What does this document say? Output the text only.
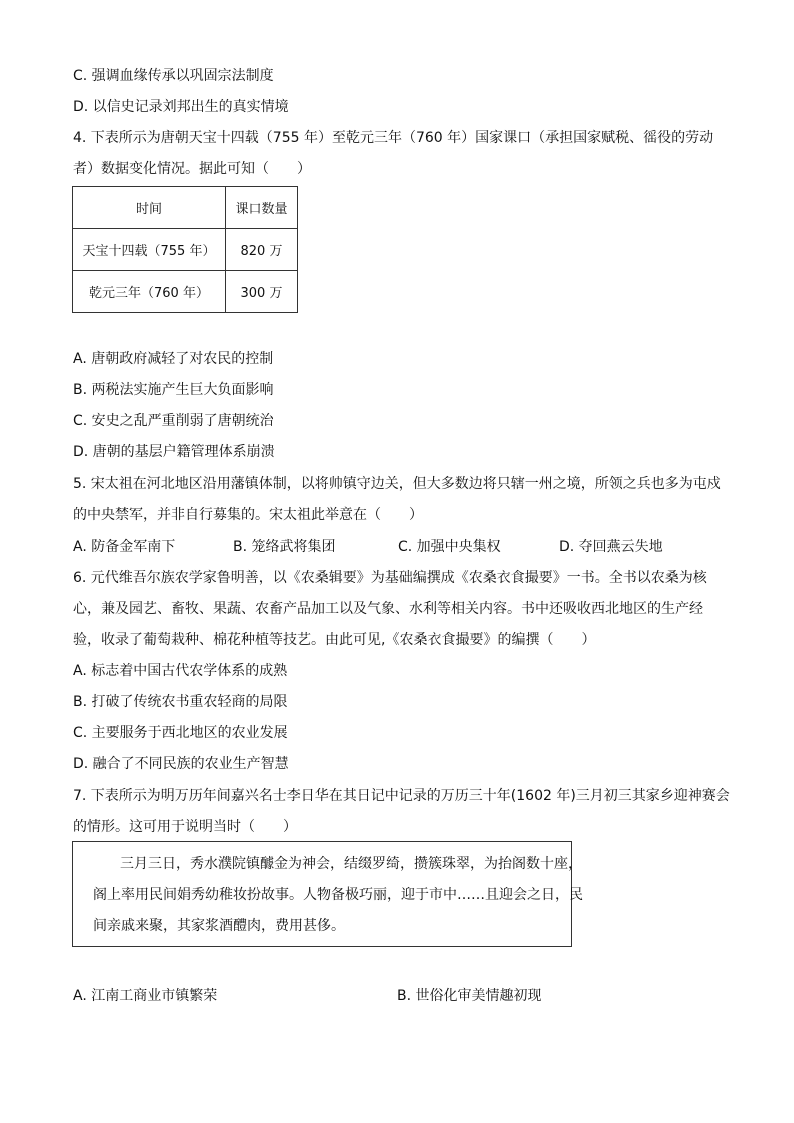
C. 强调血缘传承以巩固宗法制度
D. 以信史记录刘邦出生的真实情境
4. 下表所示为唐朝天宝十四载（755 年）至乾元三年（760 年）国家课口（承担国家赋税、徭役的劳动
者）数据变化情况。据此可知（　　）
时间	课口数量
天宝十四载（755 年）	820 万
乾元三年（760 年）	300 万
A. 唐朝政府减轻了对农民的控制
B. 两税法实施产生巨大负面影响
C. 安史之乱严重削弱了唐朝统治
D. 唐朝的基层户籍管理体系崩溃
5. 宋太祖在河北地区沿用藩镇体制，以将帅镇守边关，但大多数边将只辖一州之境，所领之兵也多为屯戍
的中央禁军，并非自行募集的。宋太祖此举意在（　　）
A. 防备金军南下	B. 笼络武将集团	C. 加强中央集权	D. 夺回燕云失地
6. 元代维吾尔族农学家鲁明善，以《农桑辑要》为基础编撰成《农桑衣食撮要》一书。全书以农桑为核
心，兼及园艺、畜牧、果蔬、农畜产品加工以及气象、水利等相关内容。书中还吸收西北地区的生产经
验，收录了葡萄栽种、棉花种植等技艺。由此可见,《农桑衣食撮要》的编撰（　　）
A. 标志着中国古代农学体系的成熟
B. 打破了传统农书重农轻商的局限
C. 主要服务于西北地区的农业发展
D. 融合了不同民族的农业生产智慧
7. 下表所示为明万历年间嘉兴名士李日华在其日记中记录的万历三十年(1602 年)三月初三其家乡迎神赛会
的情形。这可用于说明当时（　　）
三月三日，秀水濮院镇醵金为神会，结缀罗绮，攒簇珠翠，为抬阁数十座，
阁上率用民间娟秀幼稚妆扮故事。人物备极巧丽，迎于市中……且迎会之日，民
间亲戚来聚，其家浆酒醴肉，费用甚侈。
A. 江南工商业市镇繁荣	B. 世俗化审美情趣初现
